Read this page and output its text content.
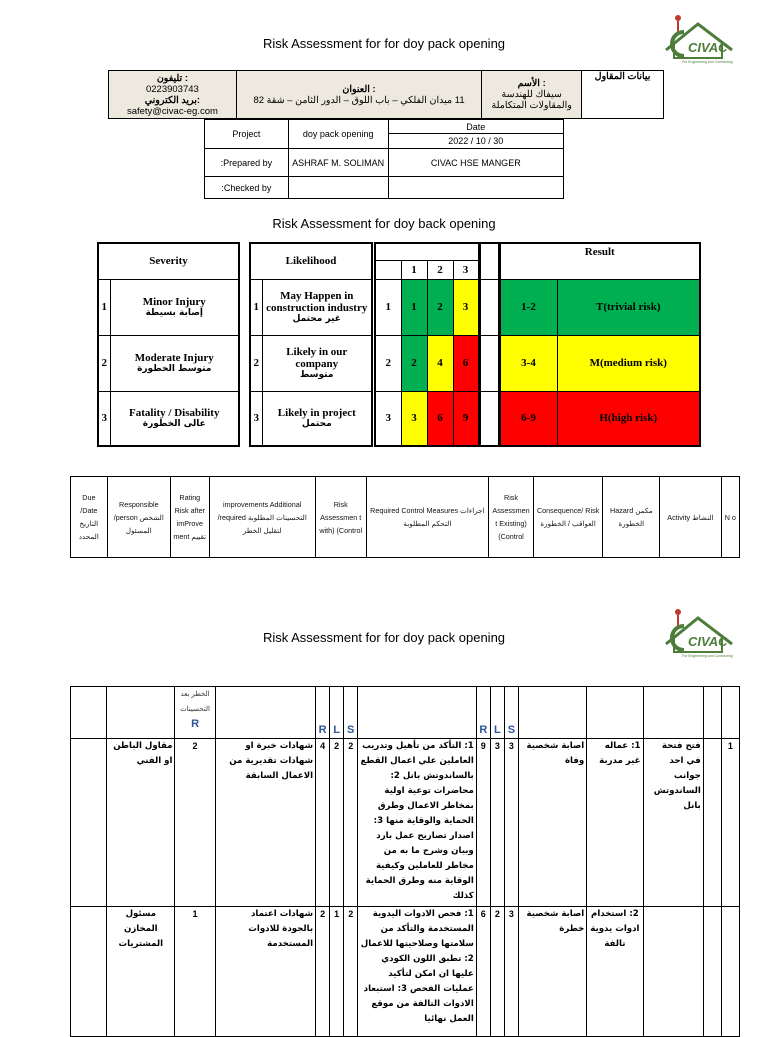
Risk Assessment for for doy pack opening	CIVAC
For Engineering and Contracting
تليفون :
0223903743
بريد الكتروني:
safety@civac-eg.com	العنوان :

11 ميدان الفلكي – باب اللوق – الدور الثامن – شقة 82
	الأسم :

سيفاك للهندسة والمقاولات المتكاملة
	بيانات المقاول
Project	doy pack opening	Date
2022 / 10 / 30

:Prepared by	ASHRAF M. SOLIMAN	CIVAC HSE MANGER
:Checked by		
Risk Assessment for doy back opening
Severity	
1	Minor Injury
إصابة بسيطة

2	Moderate Injury
متوسط الخطورة

3	Fatality / Disability
عالى الخطورة
Likelihood	
1	May Happen in construction industry
غير محتمل

2	Likely in our company
متوسط

3	Likely in project
محتمل
					Result	
	1	2	3			
1	1	2	3		1-2	T(trivial risk)
2	2	4	6		3-4	M(medium risk)
3	3	6	9		6-9	H(high risk)
Due /Date التاريخ المحدد	Responsible /person الشخص المسئول	Rating Risk after imProve ment تقييم	improvements Additional /required التحسينات المطلوبة لتقليل الخطر	Risk Assessmen t with) (Control	Required Control Measures اجراءات التحكم المطلوبة	Risk Assessmen t Existing) (Control	Consequence/ Risk العواقب / الخطورة	Hazard مكمن الخطورة	Activity النشاط	N o
Risk Assessment for for doy pack opening	CIVAC
For Engineering and Contracting
		الخطر بعد التحسينات
R		R	L	S		R	L	S					
	مقاول الباطن او الفني	2	شهادات خبرة او شهادات تقديرية من الاعمال السابقة	4	2	2	1: التأكد من تأهيل وتدريب العاملين علي اعمال القطع بالساندوتش بانل 2: محاضرات توعية اولية بمخاطر الاعمال وطرق الحماية والوقاية منها 3: اصدار تصاريح عمل بارد وبيان وشرح ما به من مخاطر للعاملين وكيفية الوقاية منه وطرق الحماية كذلك	9	3	3	اصابة شخصية وفاة	1: عماله غير مدربة	فتح فتحة في احد جوانب الساندوتش بانل		1
	مسئول المخازن المشتريات	1	شهادات اعتماد بالجودة للادوات المستخدمة	2	1	2	1: فحص الادوات اليدوية المستخدمة والتأكد من سلامتها وصلاحيتها للاعمال 2: تطبق اللون الكودي عليها ان امكن لتأكيد عمليات الفحص 3: استبعاد الادوات التالفة من موقع العمل نهائيا	6	2	3	اصابة شخصية خطرة	2: استخدام ادوات يدوية تالفة			
